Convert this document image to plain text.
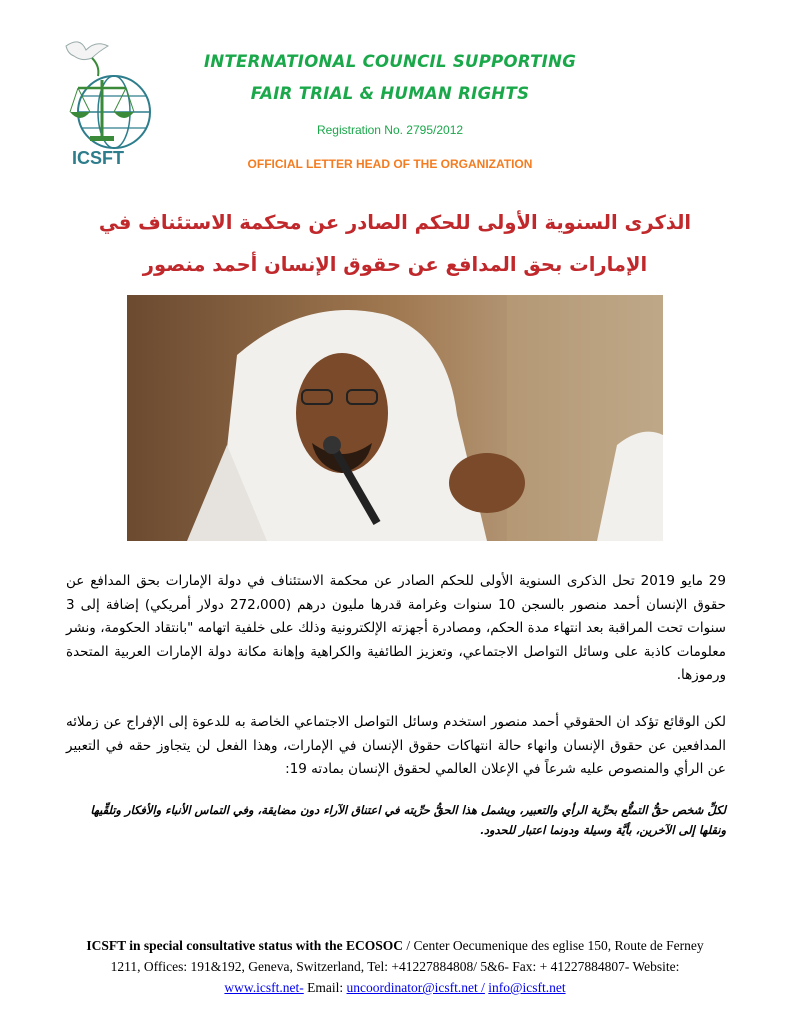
ICSFT
INTERNATIONAL COUNCIL SUPPORTING
FAIR TRIAL & HUMAN RIGHTS
Registration No. 2795/2012
OFFICIAL LETTER HEAD OF THE ORGANIZATION
الذكرى السنوية الأولى للحكم الصادر عن محكمة الاستئناف في
الإمارات بحق المدافع عن حقوق الإنسان أحمد منصور
29 مايو 2019 تحل الذكرى السنوية الأولى للحكم الصادر عن محكمة الاستئناف في دولة الإمارات بحق المدافع عن حقوق الإنسان أحمد منصور بالسجن 10 سنوات وغرامة قدرها مليون درهم (272،000 دولار أمريكي) إضافة إلى 3 سنوات تحت المراقبة بعد انتهاء مدة الحكم، ومصادرة أجهزته الإلكترونية وذلك على خلفية اتهامه "بانتقاد الحكومة، ونشر معلومات كاذبة على وسائل التواصل الاجتماعي، وتعزيز الطائفية والكراهية وإهانة مكانة دولة الإمارات العربية المتحدة ورموزها.
لكن الوقائع تؤكد ان الحقوقي أحمد منصور استخدم وسائل التواصل الاجتماعي الخاصة به للدعوة إلى الإفراج عن زملائه المدافعين عن حقوق الإنسان وانهاء حالة انتهاكات حقوق الإنسان في الإمارات، وهذا الفعل لن يتجاوز حقه في التعبير عن الرأي والمنصوص عليه شرعاً في الإعلان العالمي لحقوق الإنسان بمادته 19:
لكلِّ شخص حقُّ التمتُّع بحرِّية الرأي والتعبير، ويشمل هذا الحقُّ حرِّيته في اعتناق الآراء دون مضايقة، وفي التماس الأنباء والأفكار وتلقِّيها ونقلها إلى الآخرين، بأيَّة وسيلة ودونما اعتبار للحدود.
ICSFT in special consultative status with the ECOSOC / Center Oecumenique des eglise 150, Route de Ferney 1211, Offices: 191&192, Geneva, Switzerland, Tel: +41227884808/ 5&6- Fax: + 41227884807- Website: www.icsft.net- Email: uncoordinator@icsft.net / info@icsft.net
